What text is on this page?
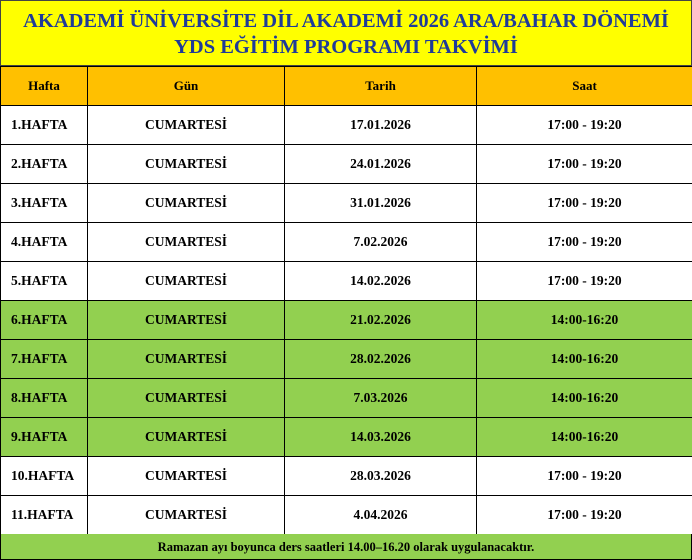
AKADEMİ ÜNİVERSİTE DİL AKADEMİ 2026 ARA/BAHAR DÖNEMİ
YDS EĞİTİM PROGRAMI TAKVİMİ
Hafta	Gün	Tarih	Saat
1.HAFTA	CUMARTESİ	17.01.2026	17:00 - 19:20
2.HAFTA	CUMARTESİ	24.01.2026	17:00 - 19:20
3.HAFTA	CUMARTESİ	31.01.2026	17:00 - 19:20
4.HAFTA	CUMARTESİ	7.02.2026	17:00 - 19:20
5.HAFTA	CUMARTESİ	14.02.2026	17:00 - 19:20
6.HAFTA	CUMARTESİ	21.02.2026	14:00-16:20
7.HAFTA	CUMARTESİ	28.02.2026	14:00-16:20
8.HAFTA	CUMARTESİ	7.03.2026	14:00-16:20
9.HAFTA	CUMARTESİ	14.03.2026	14:00-16:20
10.HAFTA	CUMARTESİ	28.03.2026	17:00 - 19:20
11.HAFTA	CUMARTESİ	4.04.2026	17:00 - 19:20
Ramazan ayı boyunca ders saatleri 14.00–16.20 olarak uygulanacaktır.
